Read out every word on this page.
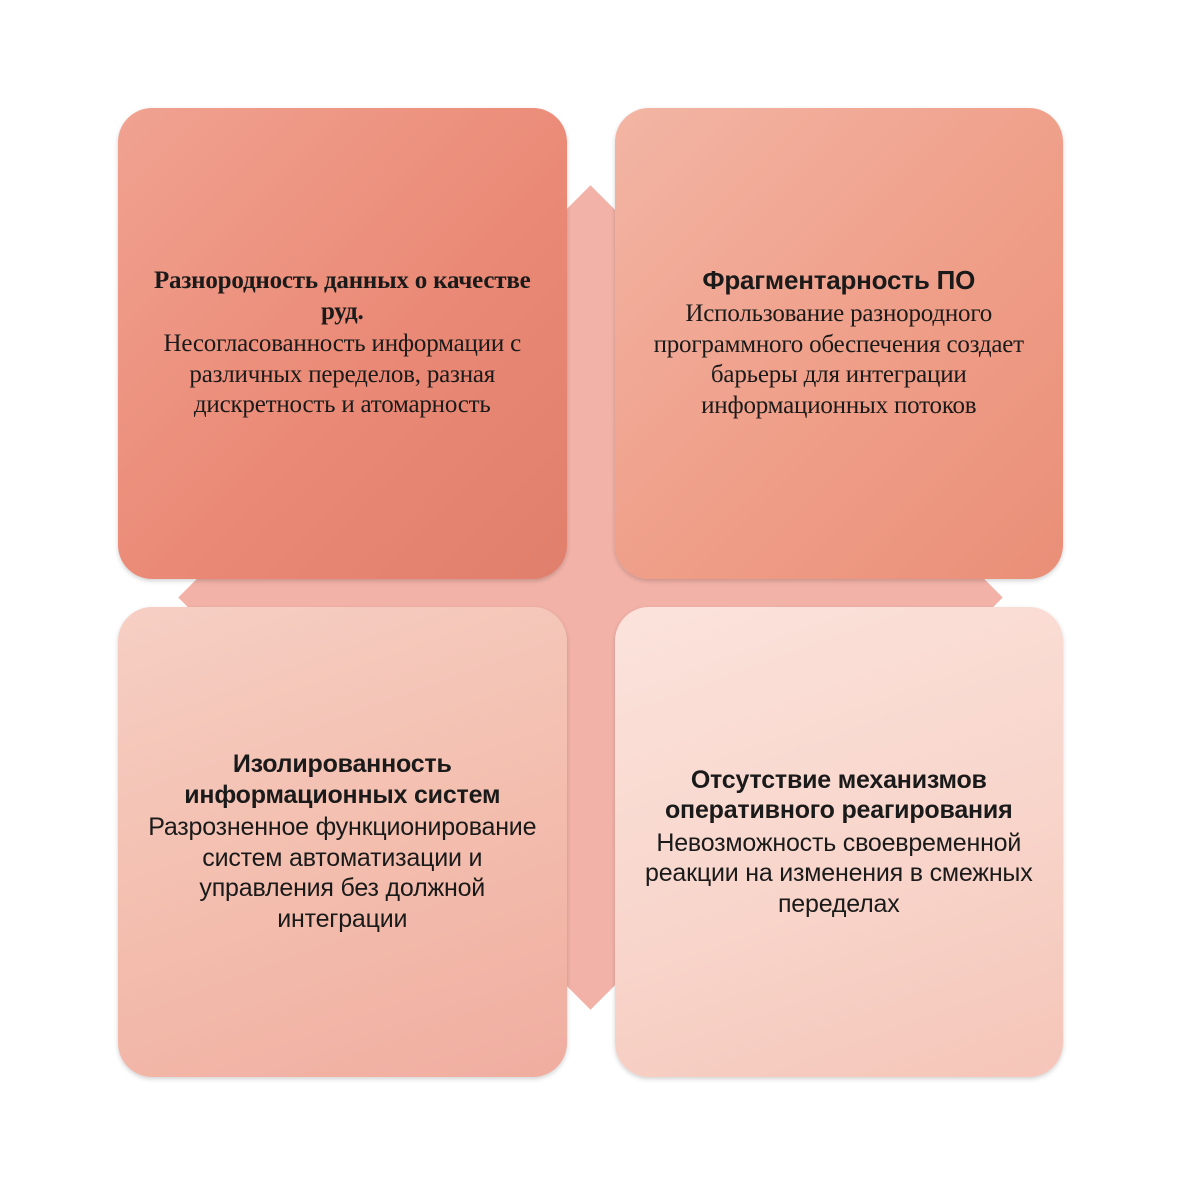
Разнородность данных о качестве руд.

Несогласованность информации с различных переделов, разная дискретность и атомарность

Фрагментарность ПО

Использование разнородного программного обеспечения создает барьеры для интеграции информационных потоков

Изолированность информационных систем

Разрозненное функционирование систем автоматизации и управления без должной интеграции

Отсутствие механизмов оперативного реагирования

Невозможность своевременной реакции на изменения в смежных переделах
